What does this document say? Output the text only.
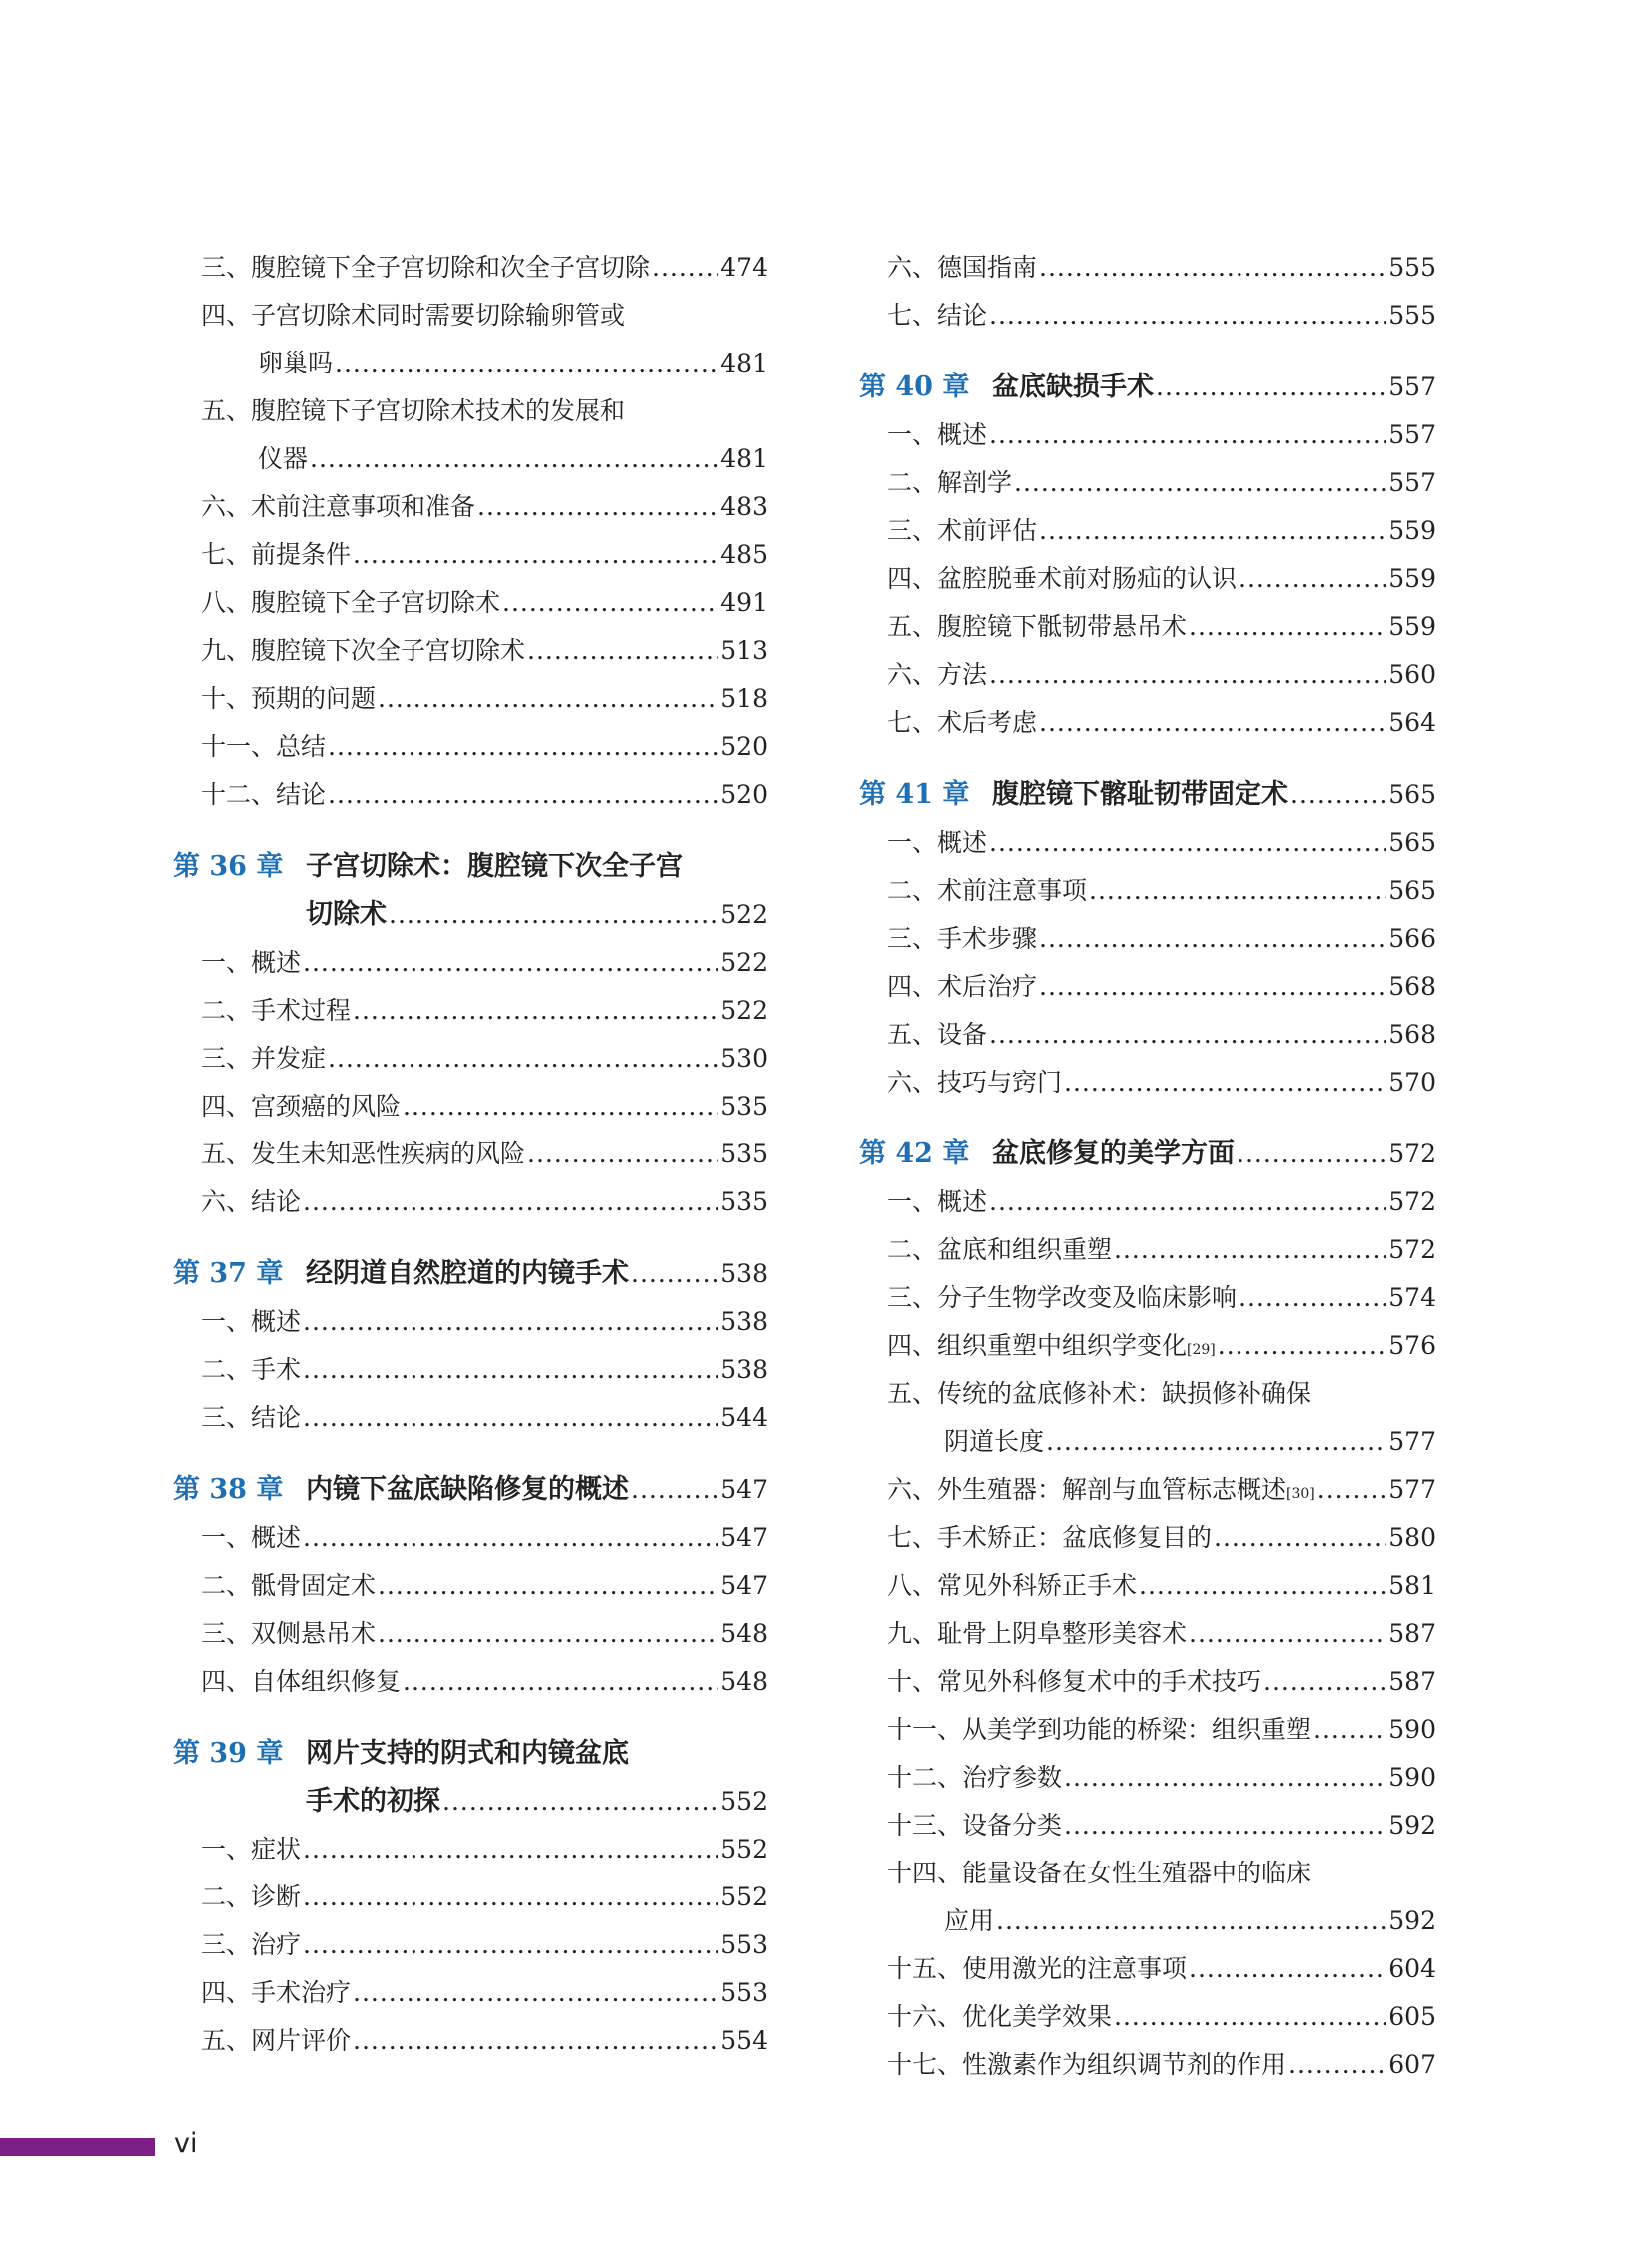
三、腹腔镜下全子宫切除和次全子宫切除 .....	474
四、子宫切除术同时需要切除输卵管或
卵巢吗 .....	481
五、腹腔镜下子宫切除术技术的发展和
仪器 .....	481
六、术前注意事项和准备 .....	483
七、前提条件 .....	485
八、腹腔镜下全子宫切除术 .....	491
九、腹腔镜下次全子宫切除术 .....	513
十、预期的问题 .....	518
十一、总结 .....	520
十二、结论 .....	520
第 36 章 子宫切除术：腹腔镜下次全子宫
切除术 .....	522
一、概述 .....	522
二、手术过程 .....	522
三、并发症 .....	530
四、宫颈癌的风险 .....	535
五、发生未知恶性疾病的风险 .....	535
六、结论 .....	535
第 37 章 经阴道自然腔道的内镜手术 .....	538
一、概述 .....	538
二、手术 .....	538
三、结论 .....	544
第 38 章 内镜下盆底缺陷修复的概述 .....	547
一、概述 .....	547
二、骶骨固定术 .....	547
三、双侧悬吊术 .....	548
四、自体组织修复 .....	548
第 39 章 网片支持的阴式和内镜盆底
手术的初探 .....	552
一、症状 .....	552
二、诊断 .....	552
三、治疗 .....	553
四、手术治疗 .....	553
五、网片评价 .....	554
六、德国指南 .....	555
七、结论 .....	555
第 40 章 盆底缺损手术 .....	557
一、概述 .....	557
二、解剖学 .....	557
三、术前评估 .....	559
四、盆腔脱垂术前对肠疝的认识 .....	559
五、腹腔镜下骶韧带悬吊术 .....	559
六、方法 .....	560
七、术后考虑 .....	564
第 41 章 腹腔镜下髂耻韧带固定术 .....	565
一、概述 .....	565
二、术前注意事项 .....	565
三、手术步骤 .....	566
四、术后治疗 .....	568
五、设备 .....	568
六、技巧与窍门 .....	570
第 42 章 盆底修复的美学方面 .....	572
一、概述 .....	572
二、盆底和组织重塑 .....	572
三、分子生物学改变及临床影响 .....	574
四、组织重塑中组织学变化 [29] .....	576
五、传统的盆底修补术：缺损修补确保
阴道长度 .....	577
六、外生殖器：解剖与血管标志概述 [30] .....	577
七、手术矫正：盆底修复目的 .....	580
八、常见外科矫正手术 .....	581
九、耻骨上阴阜整形美容术 .....	587
十、常见外科修复术中的手术技巧 .....	587
十一、从美学到功能的桥梁：组织重塑 .....	590
十二、治疗参数 .....	590
十三、设备分类 .....	592
十四、能量设备在女性生殖器中的临床
应用 .....	592
十五、使用激光的注意事项 .....	604
十六、优化美学效果 .....	605
十七、性激素作为组织调节剂的作用 .....	607
vi
